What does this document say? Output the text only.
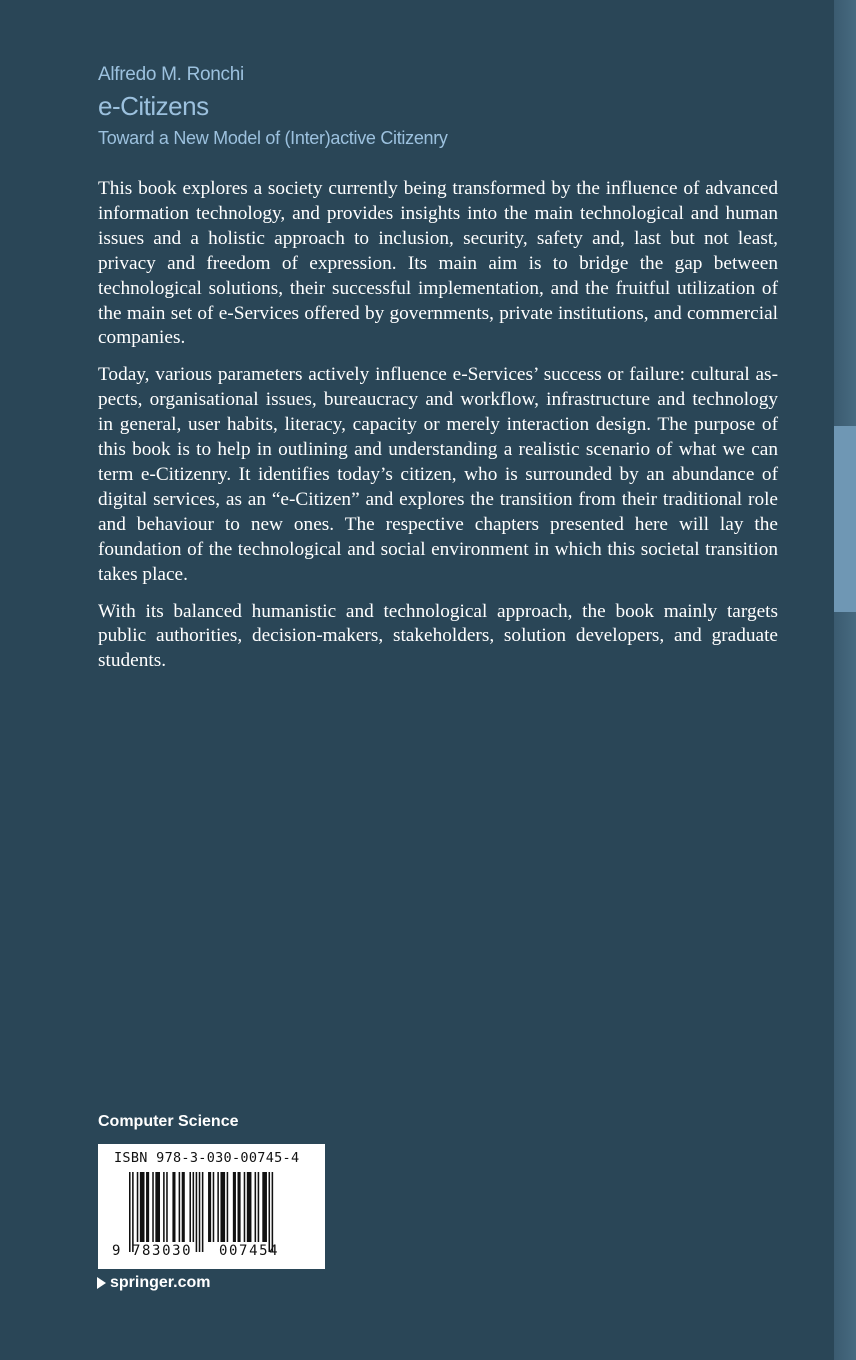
Alfredo M. Ronchi
e-Citizens
Toward a New Model of (Inter)active Citizenry

This book explores a society currently being transformed by the influence of advanced information technology, and provides insights into the main technological and human issues and a holistic approach to inclusion, security, safety and, last but not least, privacy and freedom of expression. Its main aim is to bridge the gap between technological solutions, their successful implementation, and the fruitful utilization of the main set of e-Services offered by governments, private institutions, and commercial companies.

Today, various parameters actively influence e-Services’ success or failure: cultural aspects, organisational issues, bureaucracy and workflow, infrastructure and technology in general, user habits, literacy, capacity or merely interaction design. The purpose of this book is to help in outlining and understanding a realistic scenario of what we can term e-Citizenry. It identifies today’s citizen, who is surrounded by an abundance of digital services, as an “e-Citizen” and explores the transition from their traditional role and behaviour to new ones. The respective chapters presented here will lay the foundation of the technological and social environment in which this societal transition takes place.

With its balanced humanistic and technological approach, the book mainly targets public authorities, decision-makers, stakeholders, solution developers, and graduate students.

Computer Science
ISBN 978-3-030-00745-4
9 783030 007454
springer.com
